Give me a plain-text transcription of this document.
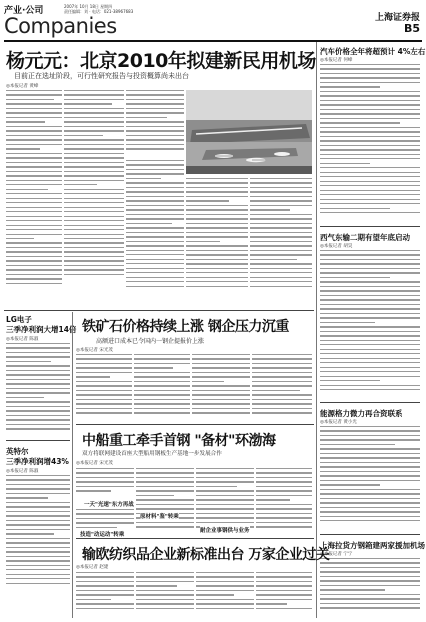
产业·公司
Companies
2007年 10月 18日 星期四
责任编辑：刘 · 电话：021-38967683
上海证券报
B5
杨元元：北京2010年拟建新民用机场
目前正在选址阶段，可行性研究报告与投资概算尚未出台
◎本报记者 黄峰
汽车价格全年将超预计 4%左右
◎本报记者 何峰
西气东输二期有望年底启动
◎本报记者 胡昊
能源格力微力再合资联系
◎本报记者 黄小光
上海拉货方钢箱建两家援加机场
◎本报记者 宁宁
LG电子
三季净利润大增14倍
◎本报记者 陈淑
英特尔
三季净利润增43%
◎本报记者 陈淑
铁矿石价格持续上涨 钢企压力沉重
高额进口成本已令国内一钢企提报价上涨
◎本报记者 宋光茂
中船重工牵手首钢 "备材"环渤海
双方将联网建设首座大型船用钢板生产基地一步发展合作
◎本报记者 宋光茂
一天"光速"东方再战
原材料"鉴"转乘
耐企业事钢供与业务
技造"动运动"转乘
输欧纺织品企业新标准出台 万家企业过关
◎本报记者 赵建
